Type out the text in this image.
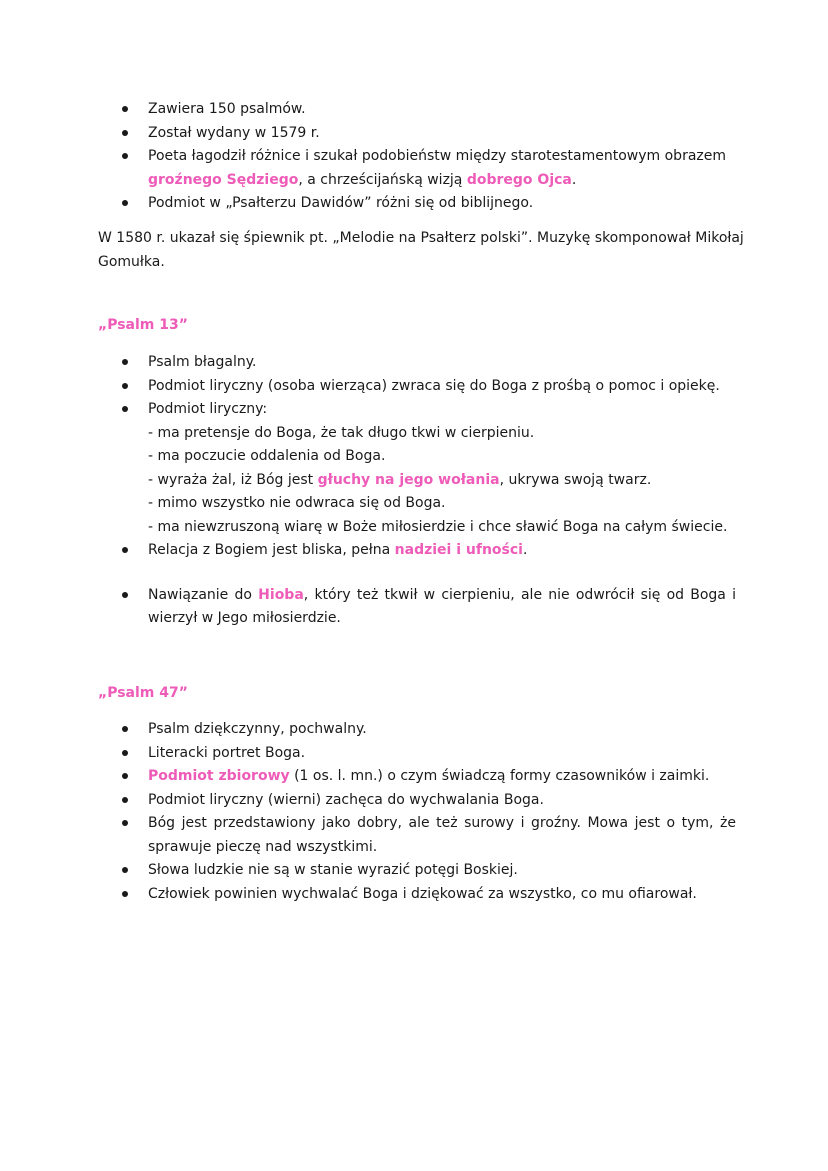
Zawiera 150 psalmów.
Został wydany w 1579 r.
Poeta łagodził różnice i szukał podobieństw między starotestamentowym obrazem groźnego Sędziego, a chrześcijańską wizją dobrego Ojca.
Podmiot w „Psałterzu Dawidów” różni się od biblijnego.
W 1580 r. ukazał się śpiewnik pt. „Melodie na Psałterz polski”. Muzykę skomponował Mikołaj Gomułka.
„Psalm 13”
Psalm błagalny.
Podmiot liryczny (osoba wierząca) zwraca się do Boga z prośbą o pomoc i opiekę.
Podmiot liryczny:
- ma pretensje do Boga, że tak długo tkwi w cierpieniu.
- ma poczucie oddalenia od Boga.
- wyraża żal, iż Bóg jest głuchy na jego wołania, ukrywa swoją twarz.
- mimo wszystko nie odwraca się od Boga.
- ma niewzruszoną wiarę w Boże miłosierdzie i chce sławić Boga na całym świecie.
Relacja z Bogiem jest bliska, pełna nadziei i ufności.
Nawiązanie do Hioba, który też tkwił w cierpieniu, ale nie odwrócił się od Boga i wierzył w Jego miłosierdzie.
„Psalm 47”
Psalm dziękczynny, pochwalny.
Literacki portret Boga.
Podmiot zbiorowy (1 os. l. mn.) o czym świadczą formy czasowników i zaimki.
Podmiot liryczny (wierni) zachęca do wychwalania Boga.
Bóg jest przedstawiony jako dobry, ale też surowy i groźny. Mowa jest o tym, że sprawuje pieczę nad wszystkimi.
Słowa ludzkie nie są w stanie wyrazić potęgi Boskiej.
Człowiek powinien wychwalać Boga i dziękować za wszystko, co mu ofiarował.
